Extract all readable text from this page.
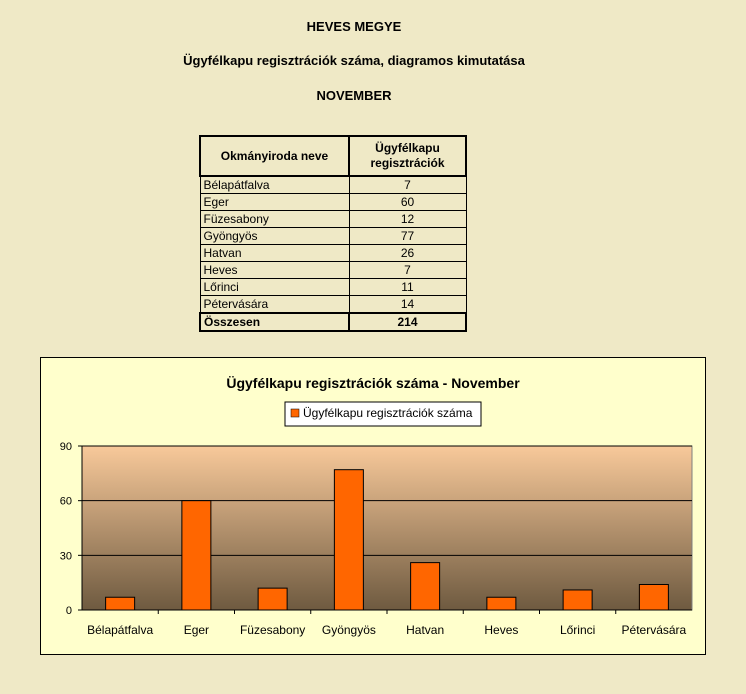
HEVES MEGYE
Ügyfélkapu regisztrációk száma, diagramos kimutatása
NOVEMBER
Okmányiroda neve	Ügyfélkapu
regisztrációk
Bélapátfalva	7
Eger	60
Füzesabony	12
Gyöngyös	77
Hatvan	26
Heves	7
Lőrinci	11
Pétervására	14
Összesen	214
Ügyfélkapu regisztrációk száma - November
Ügyfélkapu regisztrációk száma
0
30
60
90
Bélapátfalva	Eger	Füzesabony Gyöngyös	Hatvan	Heves	Lőrinci Pétervására
